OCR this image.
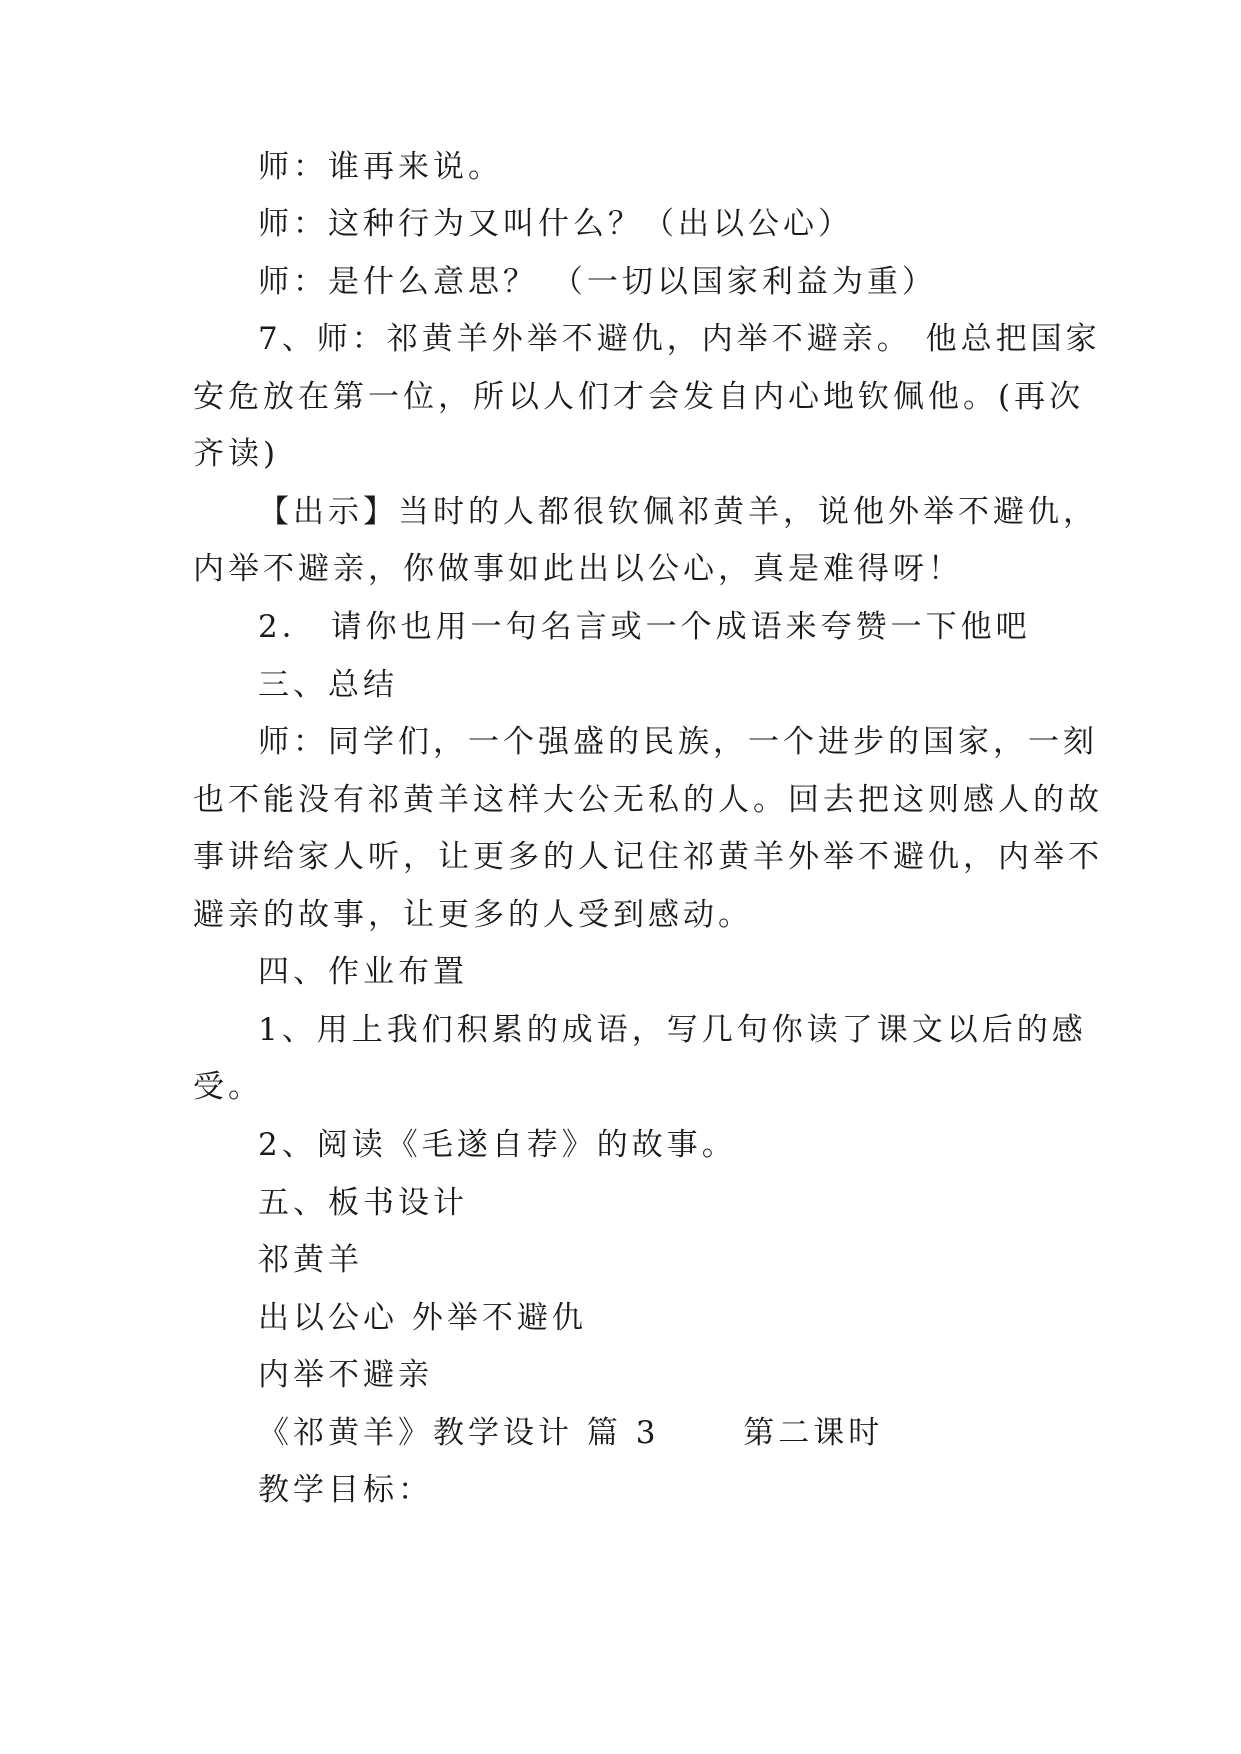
师：谁再来说。
师：这种行为又叫什么？（出以公心）
师：是什么意思？ （一切以国家利益为重）
7、师：祁黄羊外举不避仇，内举不避亲。 他总把国家
安危放在第一位，所以人们才会发自内心地钦佩他。(再次
齐读)
【出示】当时的人都很钦佩祁黄羊，说他外举不避仇，
内举不避亲，你做事如此出以公心，真是难得呀！
2． 请你也用一句名言或一个成语来夸赞一下他吧
三、总结
师：同学们，一个强盛的民族，一个进步的国家，一刻
也不能没有祁黄羊这样大公无私的人。回去把这则感人的故
事讲给家人听，让更多的人记住祁黄羊外举不避仇，内举不
避亲的故事，让更多的人受到感动。
四、作业布置
1、用上我们积累的成语，写几句你读了课文以后的感
受。
2、阅读《毛遂自荐》的故事。
五、板书设计
祁黄羊
出以公心 外举不避仇
内举不避亲
《祁黄羊》教学设计 篇 3　　 第二课时
教学目标：
